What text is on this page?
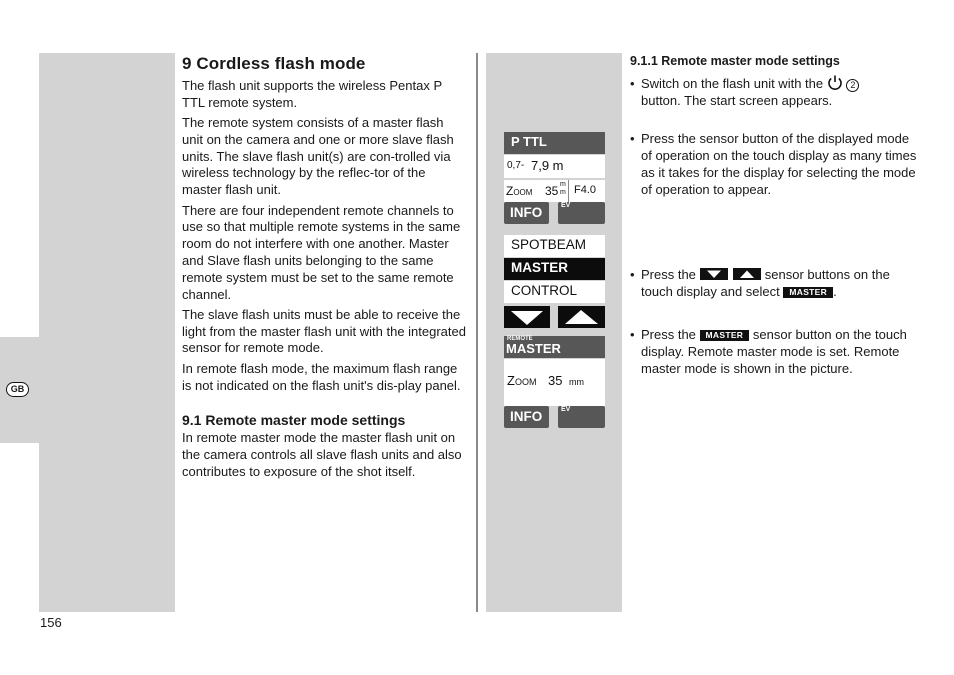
GB
156
9 Cordless flash mode

The flash unit supports the wireless Pentax P TTL remote system.

The remote system consists of a master flash unit on the camera and one or more slave flash units. The slave flash unit(s) are con-trolled via wireless technology by the reflec-tor of the master flash unit.

There are four independent remote channels to use so that multiple remote systems in the same room do not interfere with one another. Master and Slave flash units belonging to the same remote system must be set to the same remote channel.

The slave flash units must be able to receive the light from the master flash unit with the integrated sensor for remote mode.

In remote flash mode, the maximum flash range is not indicated on the flash unit's dis-play panel.

9.1 Remote master mode settings

In remote master mode the master flash unit on the camera controls all slave flash units and also contributes to exposure of the shot itself.

P TTL
0,7- 7,9 m
Zoom 35 m
m F4.0
INFO	EV
SPOTBEAM
MASTER
CONTROL
REMOTE
MASTER
Zoom 35 mm
INFO	EV
9.1.1 Remote master mode settings
• Switch on the flash unit with the	2
button. The start screen appears.
• Press the sensor button of the displayed mode of operation on the touch display as many times as it takes for the display for selecting the mode of operation to appear.
• Press the
	sensor buttons on the touch display and select MASTER .
• Press the MASTER sensor button on the touch display. Remote master mode is set. Remote master mode is shown in the picture.
